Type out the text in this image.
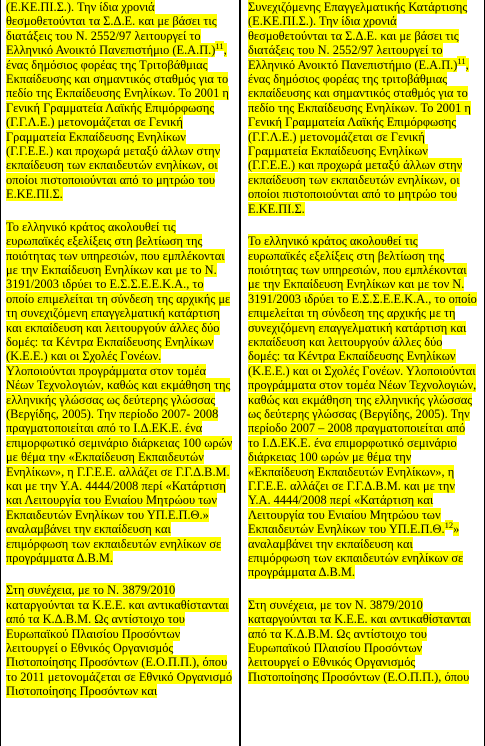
(Ε.ΚΕ.ΠΙ.Σ.). Την ίδια χρονιά θεσμοθετούνται τα Σ.Δ.Ε. και με βάσει τις διατάξεις του Ν. 2552/97 λειτουργεί το Ελληνικό Ανοικτό Πανεπιστήμιο $(E.A.\Pi.)^{11}$, ένας δημόσιος φορέας της Τριτοβάθμιας Εκπαίδευσης και σημαντικός σταθμός για το πεδίο της Εκπαίδευσης Ενηλίκων. Το 2001 η Γενική Γραμματεία Λαϊκής Επιμόρφωσης (Γ.Γ.Λ.Ε.) μετονομάζεται σε Γενική Γραμματεία Εκπαίδευσης Ενηλίκων (Γ.Γ.Ε.Ε.) και προχωρά μεταξύ άλλων στην εκπαίδευση των εκπαιδευτών ενηλίκων, οι οποίοι πιστοποιούνται από το μητρώο του Ε.ΚΕ.ΠΙ.Σ.

Το ελληνικό κράτος ακολουθεί τις ευρωπαϊκές εξελίξεις στη βελτίωση της ποιότητας των υπηρεσιών, που εμπλέκονται με την Εκπαίδευση Ενηλίκων και με το Ν. 3191/2003 ιδρύει το Ε.Σ.Σ.Ε.Ε.Κ.Α., το οποίο επιμελείται τη σύνδεση της αρχικής με τη συνεχιζόμενη επαγγελματική κατάρτιση και εκπαίδευση και λειτουργούν άλλες δύο δομές: τα Κέντρα Εκπαίδευσης Ενηλίκων (Κ.Ε.Ε.) και οι Σχολές Γονέων. Υλοποιούνται προγράμματα στον τομέα Νέων Τεχνολογιών, καθώς και εκμάθηση της ελληνικής γλώσσας ως δεύτερης γλώσσας (Βεργίδης, 2005). Την περίοδο 2007- 2008 πραγματοποιείται από το Ι.Δ.ΕΚ.Ε. ένα επιμορφωτικό σεμινάριο διάρκειας 100 ωρών με θέμα την «Εκπαίδευση Εκπαιδευτών Ενηλίκων», η Γ.Γ.Ε.Ε. αλλάζει σε Γ.Γ.Δ.Β.Μ. και με την Υ.Α. 4444/2008 περί «Κατάρτιση και Λειτουργία του Ενιαίου Μητρώου των Εκπαιδευτών Ενηλίκων του ΥΠ.Ε.Π.Θ.» αναλαμβάνει την εκπαίδευση και επιμόρφωση των εκπαιδευτών ενηλίκων σε προγράμματα Δ.Β.Μ.

Στη συνέχεια, με το Ν. 3879/2010 καταργούνται τα Κ.Ε.Ε. και αντικαθίστανται από τα Κ.Δ.Β.Μ. Ως αντίστοιχο του Ευρωπαϊκού Πλαισίου Προσόντων λειτουργεί ο Εθνικός Οργανισμός Πιστοποίησης Προσόντων (Ε.Ο.Π.Π.), όπου το 2011 μετονομάζεται σε Εθνικό Οργανισμό Πιστοποίησης Προσόντων και

Συνεχιζόμενης Επαγγελματικής Κατάρτισης (Ε.ΚΕ.ΠΙ.Σ.). Την ίδια χρονιά θεσμοθετούνται τα Σ.Δ.Ε. και με βάσει τις διατάξεις του Ν. 2552/97 λειτουργεί το Ελληνικό Ανοικτό Πανεπιστήμιο $(E.A.\Pi.)^{11}$, ένας δημόσιος φορέας της τριτοβάθμιας εκπαίδευσης και σημαντικός σταθμός για το πεδίο της Εκπαίδευσης Ενηλίκων. Το 2001 η Γενική Γραμματεία Λαϊκής Επιμόρφωσης (Γ.Γ.Λ.Ε.) μετονομάζεται σε Γενική Γραμματεία Εκπαίδευσης Ενηλίκων (Γ.Γ.Ε.Ε.) και προχωρά μεταξύ άλλων στην εκπαίδευση των εκπαιδευτών ενηλίκων, οι οποίοι πιστοποιούνται από το μητρώο του Ε.ΚΕ.ΠΙ.Σ.

Το ελληνικό κράτος ακολουθεί τις ευρωπαϊκές εξελίξεις στη βελτίωση της ποιότητας των υπηρεσιών, που εμπλέκονται με την Εκπαίδευση Ενηλίκων και με τον Ν. 3191/2003 ιδρύει το Ε.Σ.Σ.Ε.Ε.Κ.Α., το οποίο επιμελείται τη σύνδεση της αρχικής με τη συνεχιζόμενη επαγγελματική κατάρτιση και εκπαίδευση και λειτουργούν άλλες δύο δομές: τα Κέντρα Εκπαίδευσης Ενηλίκων (Κ.Ε.Ε.) και οι Σχολές Γονέων. Υλοποιούνται προγράμματα στον τομέα Νέων Τεχνολογιών, καθώς και εκμάθηση της ελληνικής γλώσσας ως δεύτερης γλώσσας (Βεργίδης, 2005). Την περίοδο 2007 – 2008 πραγματοποιείται από το Ι.Δ.ΕΚ.Ε. ένα επιμορφωτικό σεμινάριο διάρκειας 100 ωρών με θέμα την «Εκπαίδευση Εκπαιδευτών Ενηλίκων», η Γ.Γ.Ε.Ε. αλλάζει σε Γ.Γ.Δ.Β.Μ. και με την Υ.Α. 4444/2008 περί «Κατάρτιση και Λειτουργία του Ενιαίου Μητρώου των Εκπαιδευτών Ενηλίκων του ΥΠ.Ε.Π.Θ.$^{12}$» αναλαμβάνει την εκπαίδευση και επιμόρφωση των εκπαιδευτών ενηλίκων σε προγράμματα Δ.Β.Μ.

Στη συνέχεια, με τον Ν. 3879/2010 καταργούνται τα Κ.Ε.Ε. και αντικαθίστανται από τα Κ.Δ.Β.Μ. Ως αντίστοιχο του Ευρωπαϊκού Πλαισίου Προσόντων λειτουργεί ο Εθνικός Οργανισμός Πιστοποίησης Προσόντων (Ε.Ο.Π.Π.), όπου
